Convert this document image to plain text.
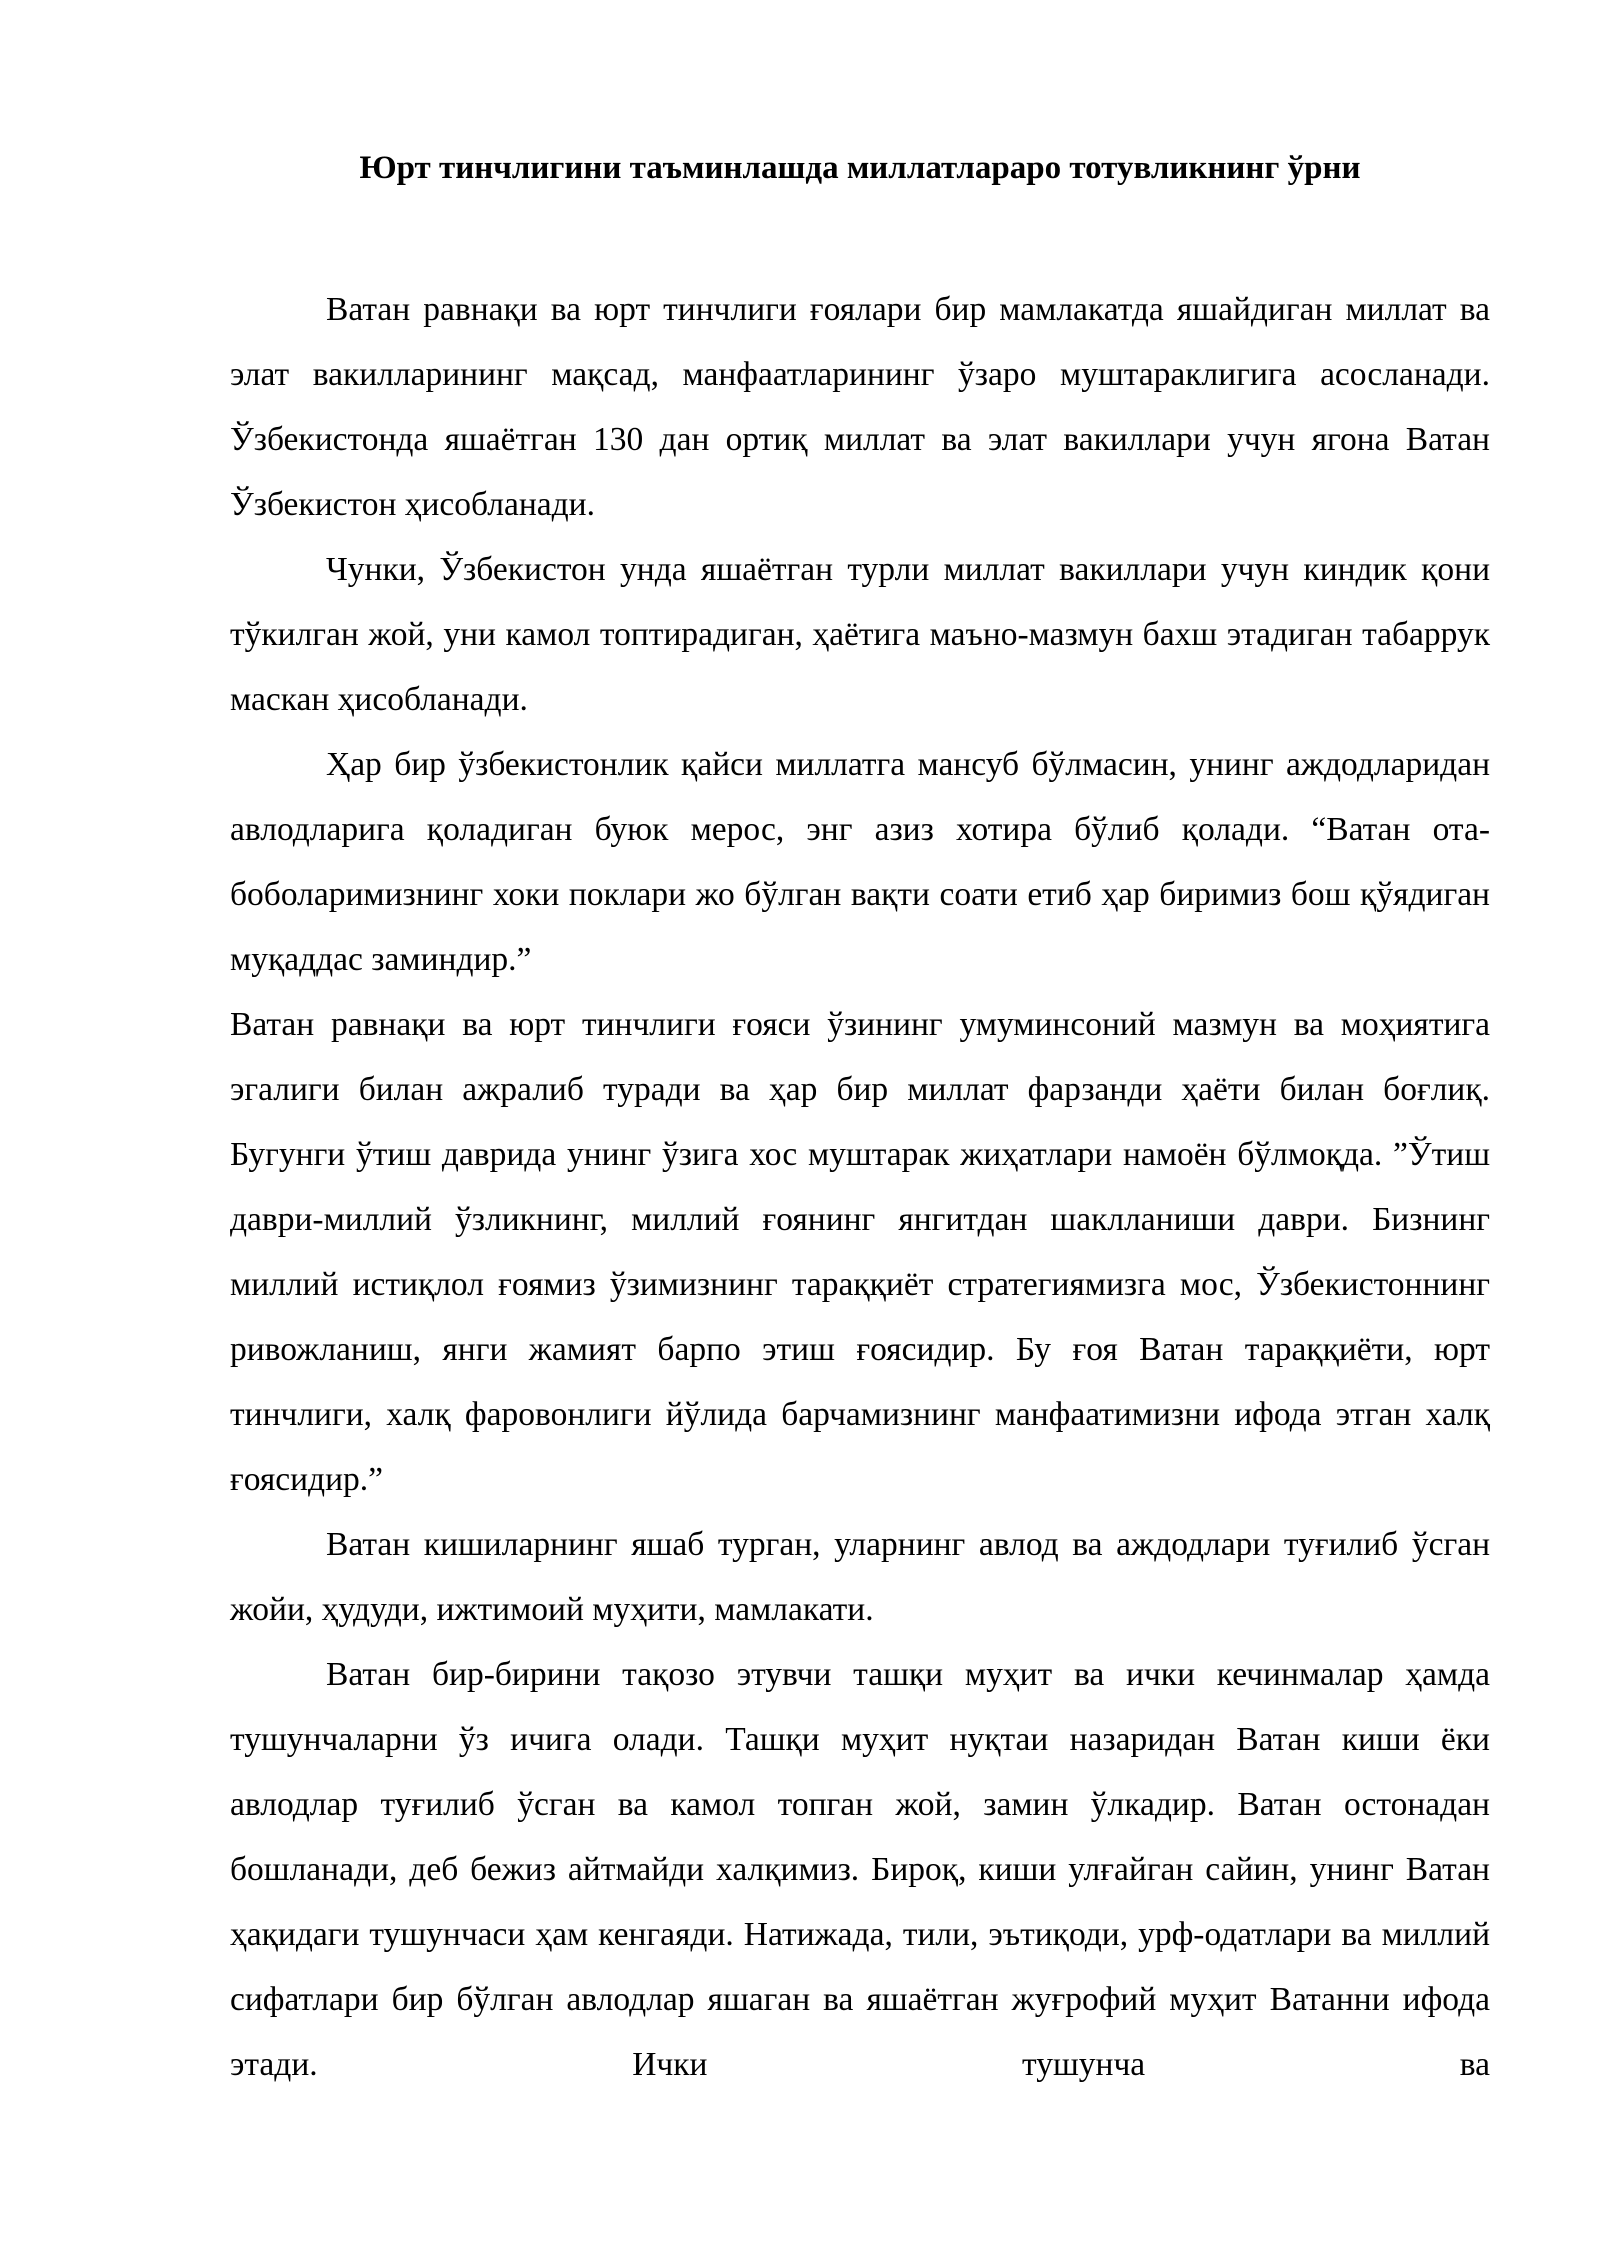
Юрт тинчлигини таъминлашда миллатлараро тотувликнинг ўрни

Ватан равнақи ва юрт тинчлиги ғоялари бир мамлакатда яшайдиган миллат ва элат вакилларининг мақсад, манфаатларининг ўзаро муштараклигига асосланади. Ўзбекистонда яшаётган 130 дан ортиқ миллат ва элат вакиллари учун ягона Ватан Ўзбекистон ҳисобланади.

Чунки, Ўзбекистон унда яшаётган турли миллат вакиллари учун киндик қони тўкилган жой, уни камол топтирадиган, ҳаётига маъно-мазмун бахш этадиган табаррук маскан ҳисобланади.

Ҳар бир ўзбекистонлик қайси миллатга мансуб бўлмасин, унинг аждодларидан авлодларига қоладиган буюк мерос, энг азиз хотира бўлиб қолади. “Ватан ота-боболаримизнинг хоки поклари жо бўлган вақти соати етиб ҳар биримиз бош қўядиган муқаддас заминдир.”

Ватан равнақи ва юрт тинчлиги ғояси ўзининг умуминсоний мазмун ва моҳиятига эгалиги билан ажралиб туради ва ҳар бир миллат фарзанди ҳаёти билан боғлиқ. Бугунги ўтиш даврида унинг ўзига хос муштарак жиҳатлари намоён бўлмоқда. ”Ўтиш даври-миллий ўзликнинг, миллий ғоянинг янгитдан шаклланиши даври. Бизнинг миллий истиқлол ғоямиз ўзимизнинг тараққиёт стратегиямизга мос, Ўзбекистоннинг ривожланиш, янги жамият барпо этиш ғоясидир. Бу ғоя Ватан тараққиёти, юрт тинчлиги, халқ фаровонлиги йўлида барчамизнинг манфаатимизни ифода этган халқ ғоясидир.”

Ватан кишиларнинг яшаб турган, уларнинг авлод ва аждодлари туғилиб ўсган жойи, ҳудуди, ижтимоий муҳити, мамлакати.

Ватан бир-бирини тақозо этувчи ташқи муҳит ва ички кечинмалар ҳамда тушунчаларни ўз ичига олади. Ташқи муҳит нуқтаи назаридан Ватан киши ёки авлодлар туғилиб ўсган ва камол топган жой, замин ўлкадир. Ватан остонадан бошланади, деб бежиз айтмайди халқимиз. Бироқ, киши улғайган сайин, унинг Ватан ҳақидаги тушунчаси ҳам кенгаяди. Натижада, тили, эътиқоди, урф-одатлари ва миллий сифатлари бир бўлган авлодлар яшаган ва яшаётган жуғрофий муҳит Ватанни ифода этади. Ички тушунча ва
